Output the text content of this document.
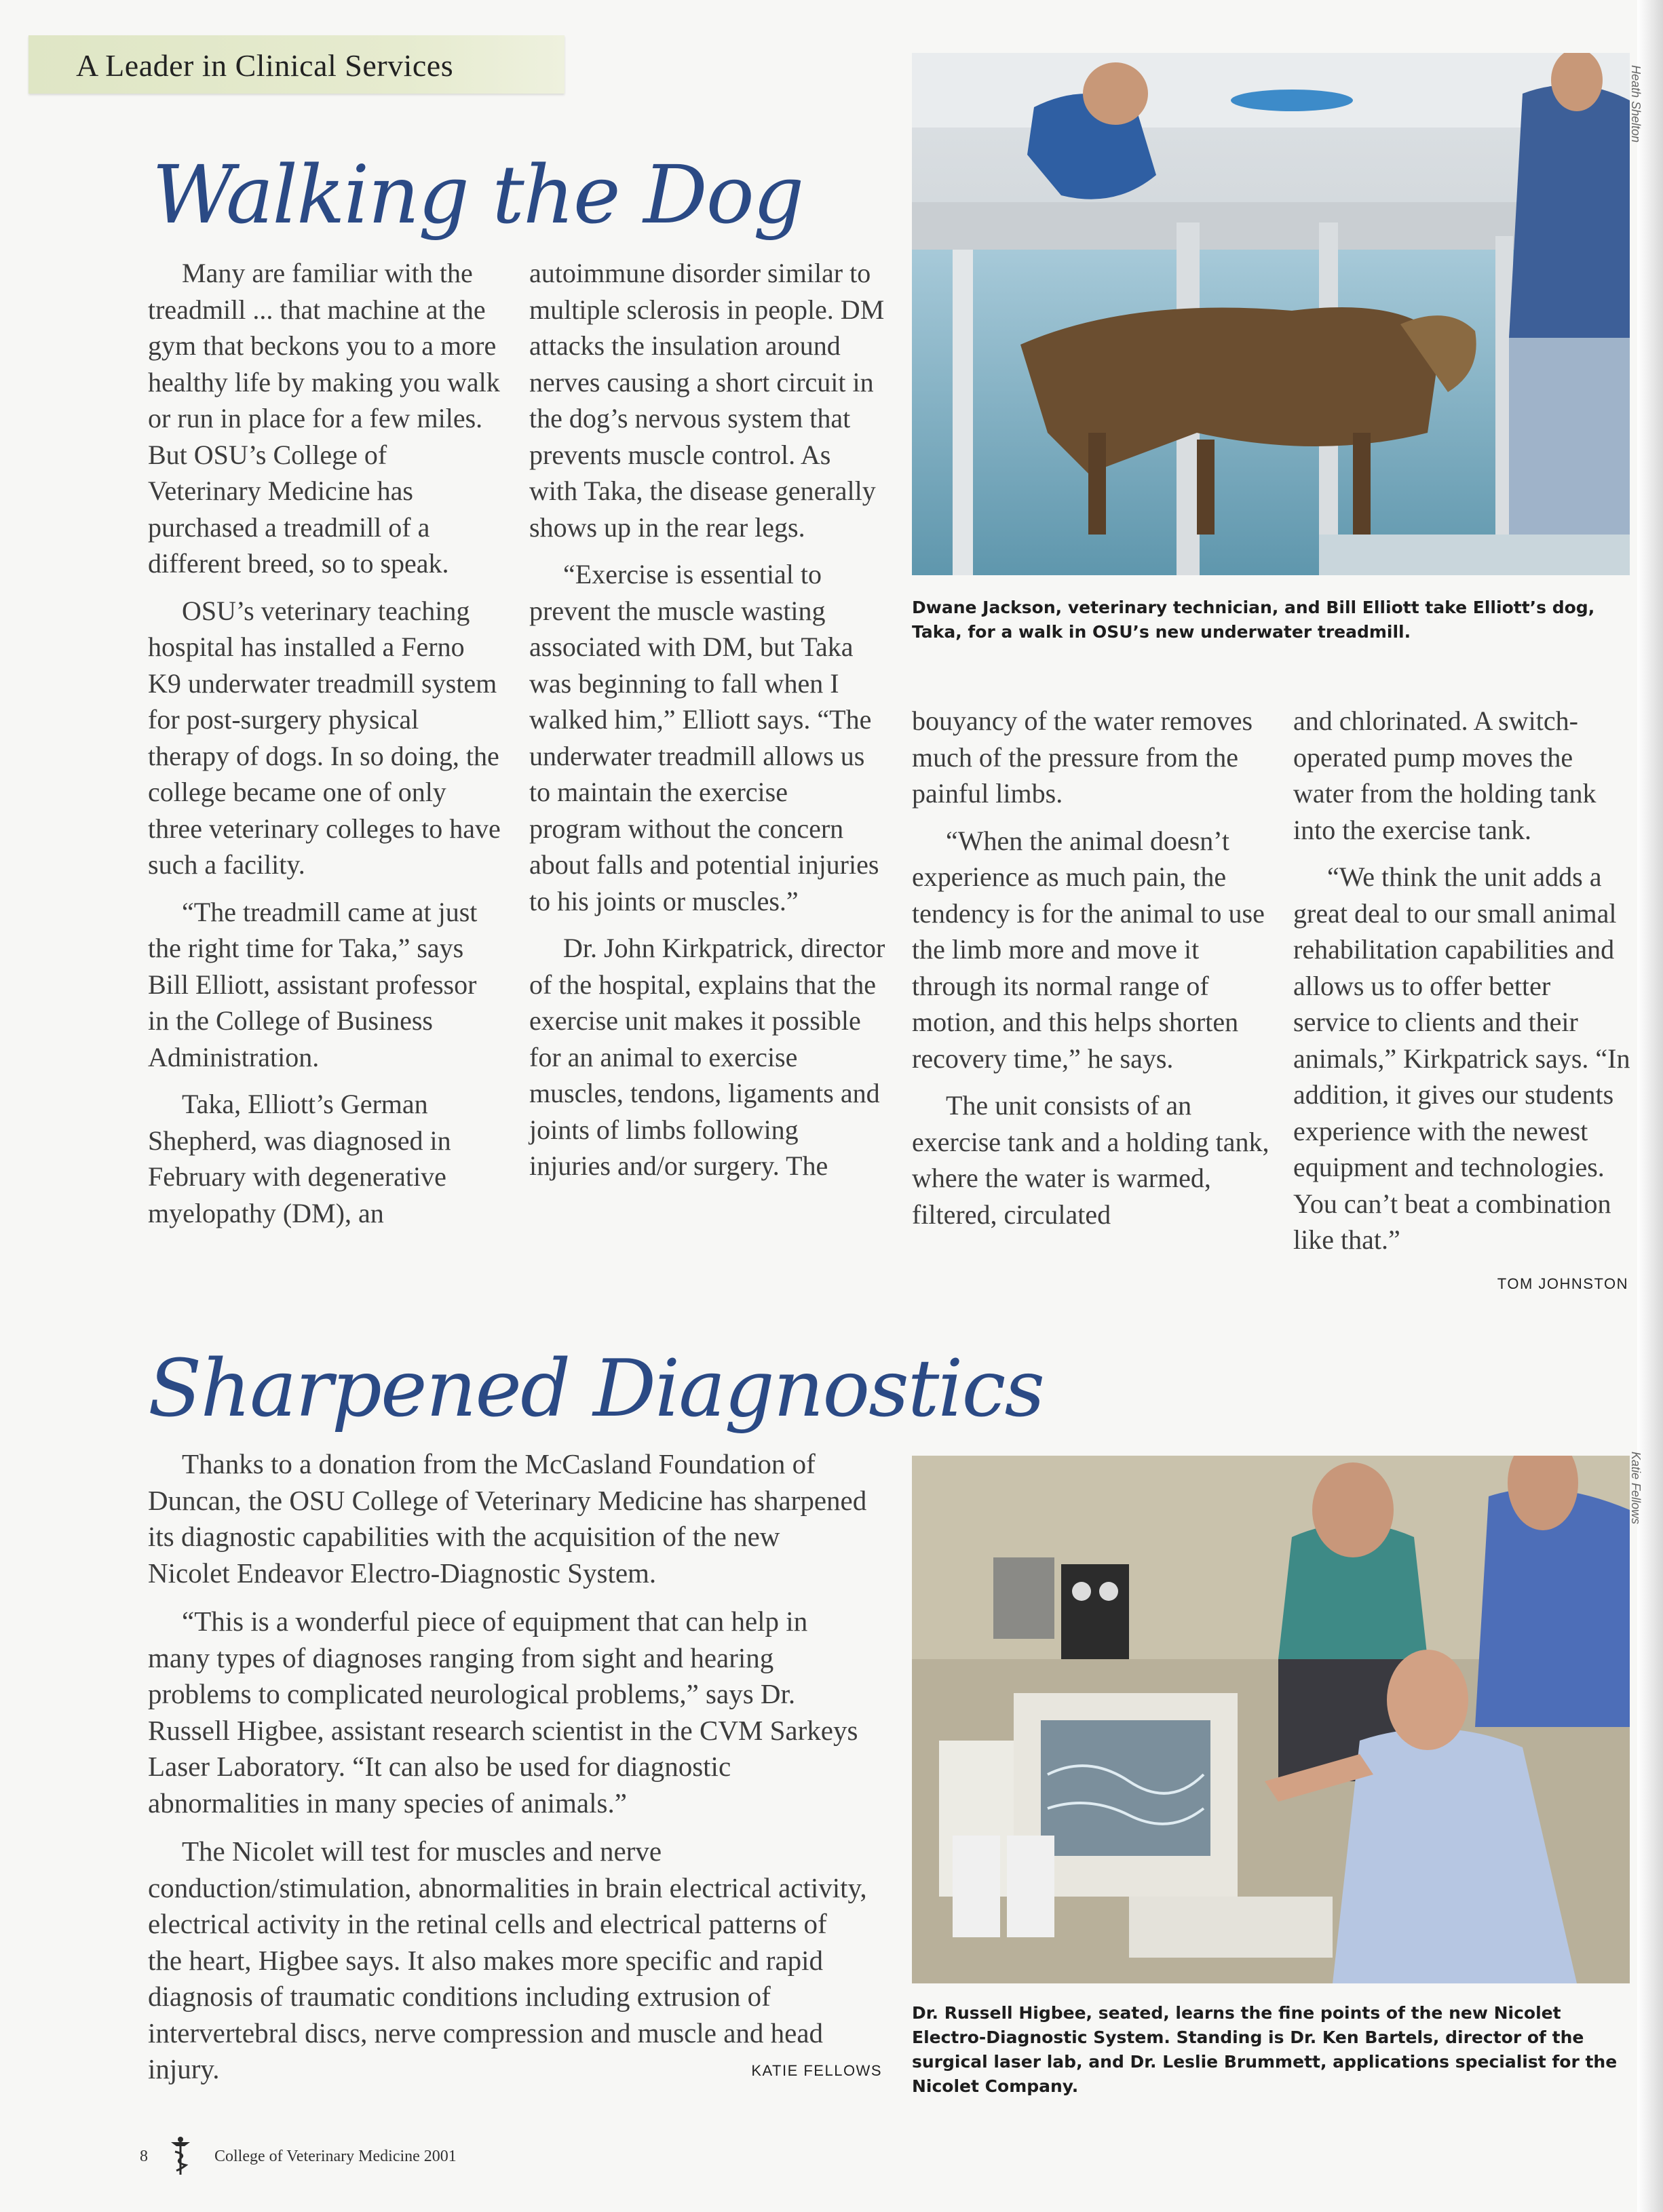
A Leader in Clinical Services
Walking the Dog

Many are familiar with the treadmill ... that machine at the gym that beckons you to a more healthy life by making you walk or run in place for a few miles. But OSU’s College of Veterinary Medicine has purchased a treadmill of a different breed, so to speak.

OSU’s veterinary teaching hospital has installed a Ferno K9 underwater treadmill system for post-surgery physical therapy of dogs. In so doing, the college became one of only three veterinary colleges to have such a facility.

“The treadmill came at just the right time for Taka,” says Bill Elliott, assistant professor in the College of Business Administration.

Taka, Elliott’s German Shepherd, was diagnosed in February with degenerative myelopathy (DM), an

autoimmune disorder similar to multiple sclerosis in people. DM attacks the insulation around nerves causing a short circuit in the dog’s nervous system that prevents muscle control. As with Taka, the disease generally shows up in the rear legs.

“Exercise is essential to prevent the muscle wasting associated with DM, but Taka was beginning to fall when I walked him,” Elliott says. “The underwater treadmill allows us to maintain the exercise program without the concern about falls and potential injuries to his joints or muscles.”

Dr. John Kirkpatrick, director of the hospital, explains that the exercise unit makes it possible for an animal to exercise muscles, tendons, ligaments and joints of limbs following injuries and/or surgery. The

bouyancy of the water removes much of the pressure from the painful limbs.

“When the animal doesn’t experience as much pain, the tendency is for the animal to use the limb more and move it through its normal range of motion, and this helps shorten recovery time,” he says.

The unit consists of an exercise tank and a holding tank, where the water is warmed, filtered, circulated

and chlorinated. A switch-operated pump moves the water from the holding tank into the exercise tank.

“We think the unit adds a great deal to our small animal rehabilitation capabilities and allows us to offer better service to clients and their animals,” Kirkpatrick says. “In addition, it gives our students experience with the newest equipment and technologies. You can’t beat a combination like that.”

TOM JOHNSTON
Heath Shelton
Dwane Jackson, veterinary technician, and Bill Elliott take Elliott’s dog, Taka, for a walk in OSU’s new underwater treadmill.
Sharpened Diagnostics

Thanks to a donation from the McCasland Foundation of Duncan, the OSU College of Veterinary Medicine has sharpened its diagnostic capabilities with the acquisition of the new Nicolet Endeavor Electro-Diagnostic System.

“This is a wonderful piece of equipment that can help in many types of diagnoses ranging from sight and hearing problems to complicated neurological problems,” says Dr. Russell Higbee, assistant research scientist in the CVM Sarkeys Laser Laboratory. “It can also be used for diagnostic abnormalities in many species of animals.”

The Nicolet will test for muscles and nerve conduction/stimulation, abnormalities in brain electrical activity, electrical activity in the retinal cells and electrical patterns of the heart, Higbee says. It also makes more specific and rapid diagnosis of traumatic conditions including extrusion of intervertebral discs, nerve compression and muscle and head injury.	KATIE FELLOWS
Katie Fellows
Dr. Russell Higbee, seated, learns the fine points of the new Nicolet Electro-Diagnostic System. Standing is Dr. Ken Bartels, director of the surgical laser lab, and Dr. Leslie Brummett, applications specialist for the Nicolet Company.
8	College of Veterinary Medicine 2001
